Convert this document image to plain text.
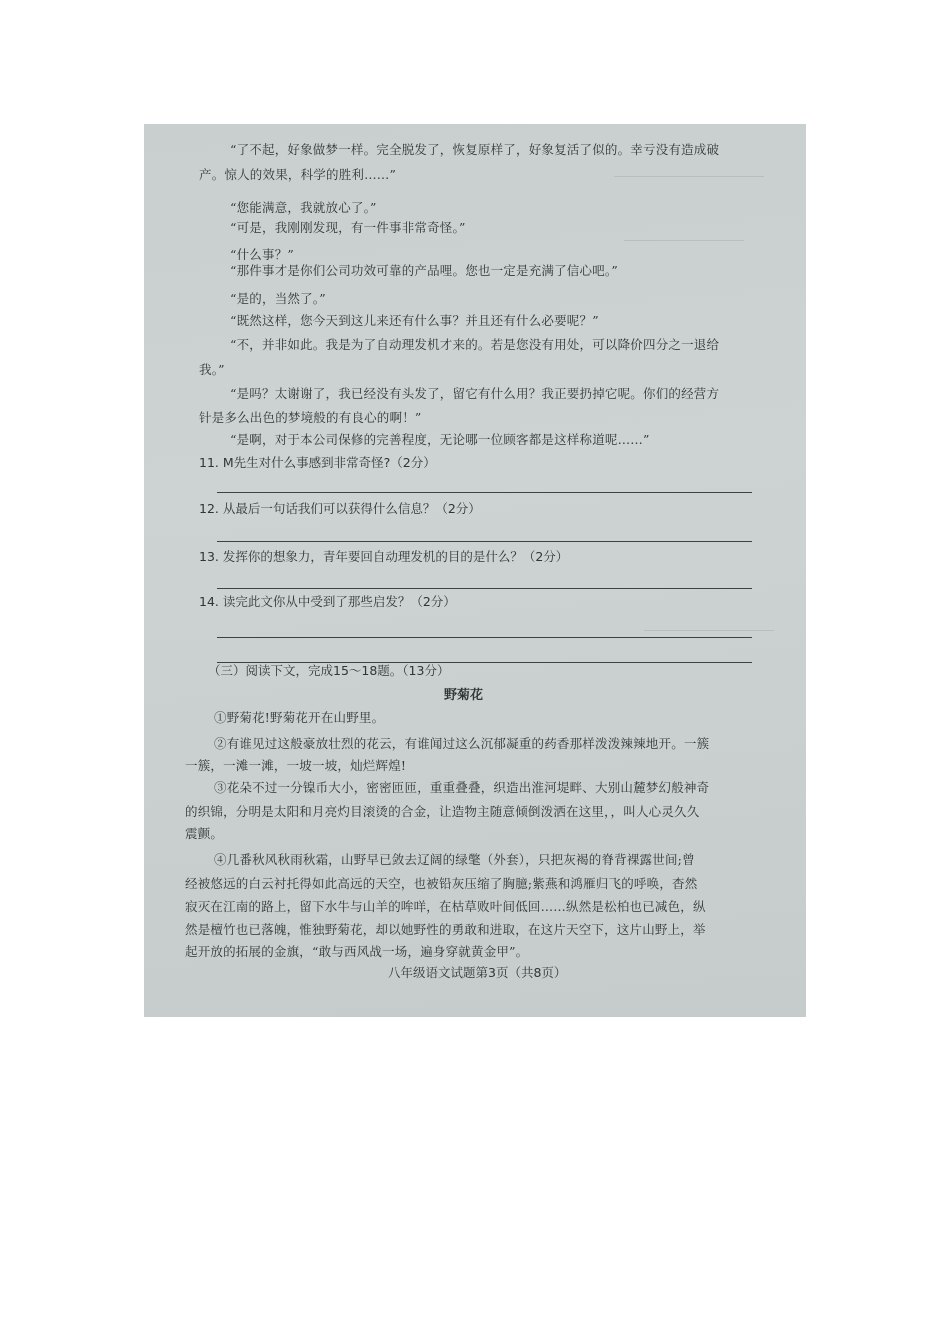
“了不起，好象做梦一样。完全脱发了，恢复原样了，好象复活了似的。幸亏没有造成破
产。惊人的效果，科学的胜利……”
“您能满意，我就放心了。”
“可是，我刚刚发现，有一件事非常奇怪。”
“什么事？”
“那件事才是你们公司功效可靠的产品哩。您也一定是充满了信心吧。”
“是的，当然了。”
“既然这样，您今天到这儿来还有什么事？并且还有什么必要呢？”
“不，并非如此。我是为了自动理发机才来的。若是您没有用处，可以降价四分之一退给
我。”
“是吗？太谢谢了，我已经没有头发了，留它有什么用？我正要扔掉它呢。你们的经营方
针是多么出色的梦境般的有良心的啊！”
“是啊，对于本公司保修的完善程度，无论哪一位顾客都是这样称道呢……”
11. M先生对什么事感到非常奇怪?（2分）
12. 从最后一句话我们可以获得什么信息？（2分）
13. 发挥你的想象力，青年要回自动理发机的目的是什么？（2分）
14. 读完此文你从中受到了那些启发？（2分）
（三）阅读下文，完成15～18题。（13分）
野菊花
①野菊花!野菊花开在山野里。
②有谁见过这般豪放壮烈的花云，有谁闻过这么沉郁凝重的药香那样泼泼辣辣地开。一簇
一簇，一滩一滩，一坡一坡，灿烂辉煌!
③花朵不过一分镍币大小，密密匝匝，重重叠叠，织造出淮河堤畔、大别山麓梦幻般神奇
的织锦，分明是太阳和月亮灼目滚烫的合金，让造物主随意倾倒泼洒在这里，，叫人心灵久久
震颤。
④几番秋风秋雨秋霜，山野早已敛去辽阔的绿氅（外套），只把灰褐的脊背裸露世间;曾
经被悠远的白云衬托得如此高远的天空，也被铅灰压缩了胸臆;紫燕和鸿雁归飞的呼唤，杳然
寂灭在江南的路上，留下水牛与山羊的哞咩，在枯草败叶间低回……纵然是松柏也已减色，纵
然是檀竹也已落魄，惟独野菊花，却以她野性的勇敢和进取，在这片天空下，这片山野上，举
起开放的拓展的金旗，“敢与西风战一场，遍身穿就黄金甲”。
八年级语文试题第3页（共8页）
